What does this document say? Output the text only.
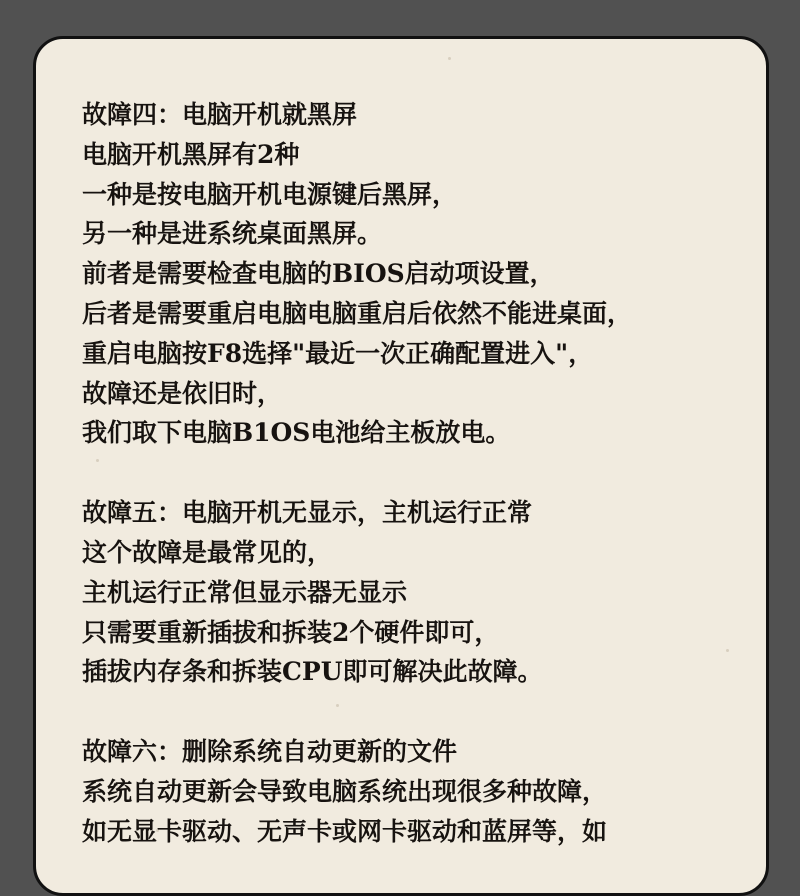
故障四：电脑开机就黑屏
电脑开机黑屏有2种
一种是按电脑开机电源键后黑屏，
另一种是进系统桌面黑屏。
前者是需要检查电脑的BIOS启动项设置，
后者是需要重启电脑电脑重启后依然不能进桌面，
重启电脑按F8选择"最近一次正确配置进入"，
故障还是依旧时，
我们取下电脑B1OS电池给主板放电。
故障五：电脑开机无显示，主机运行正常
这个故障是最常见的，
主机运行正常但显示器无显示
只需要重新插拔和拆装2个硬件即可，
插拔内存条和拆装CPU即可解决此故障。
故障六：删除系统自动更新的文件
系统自动更新会导致电脑系统出现很多种故障，
如无显卡驱动、无声卡或网卡驱动和蓝屏等，如
